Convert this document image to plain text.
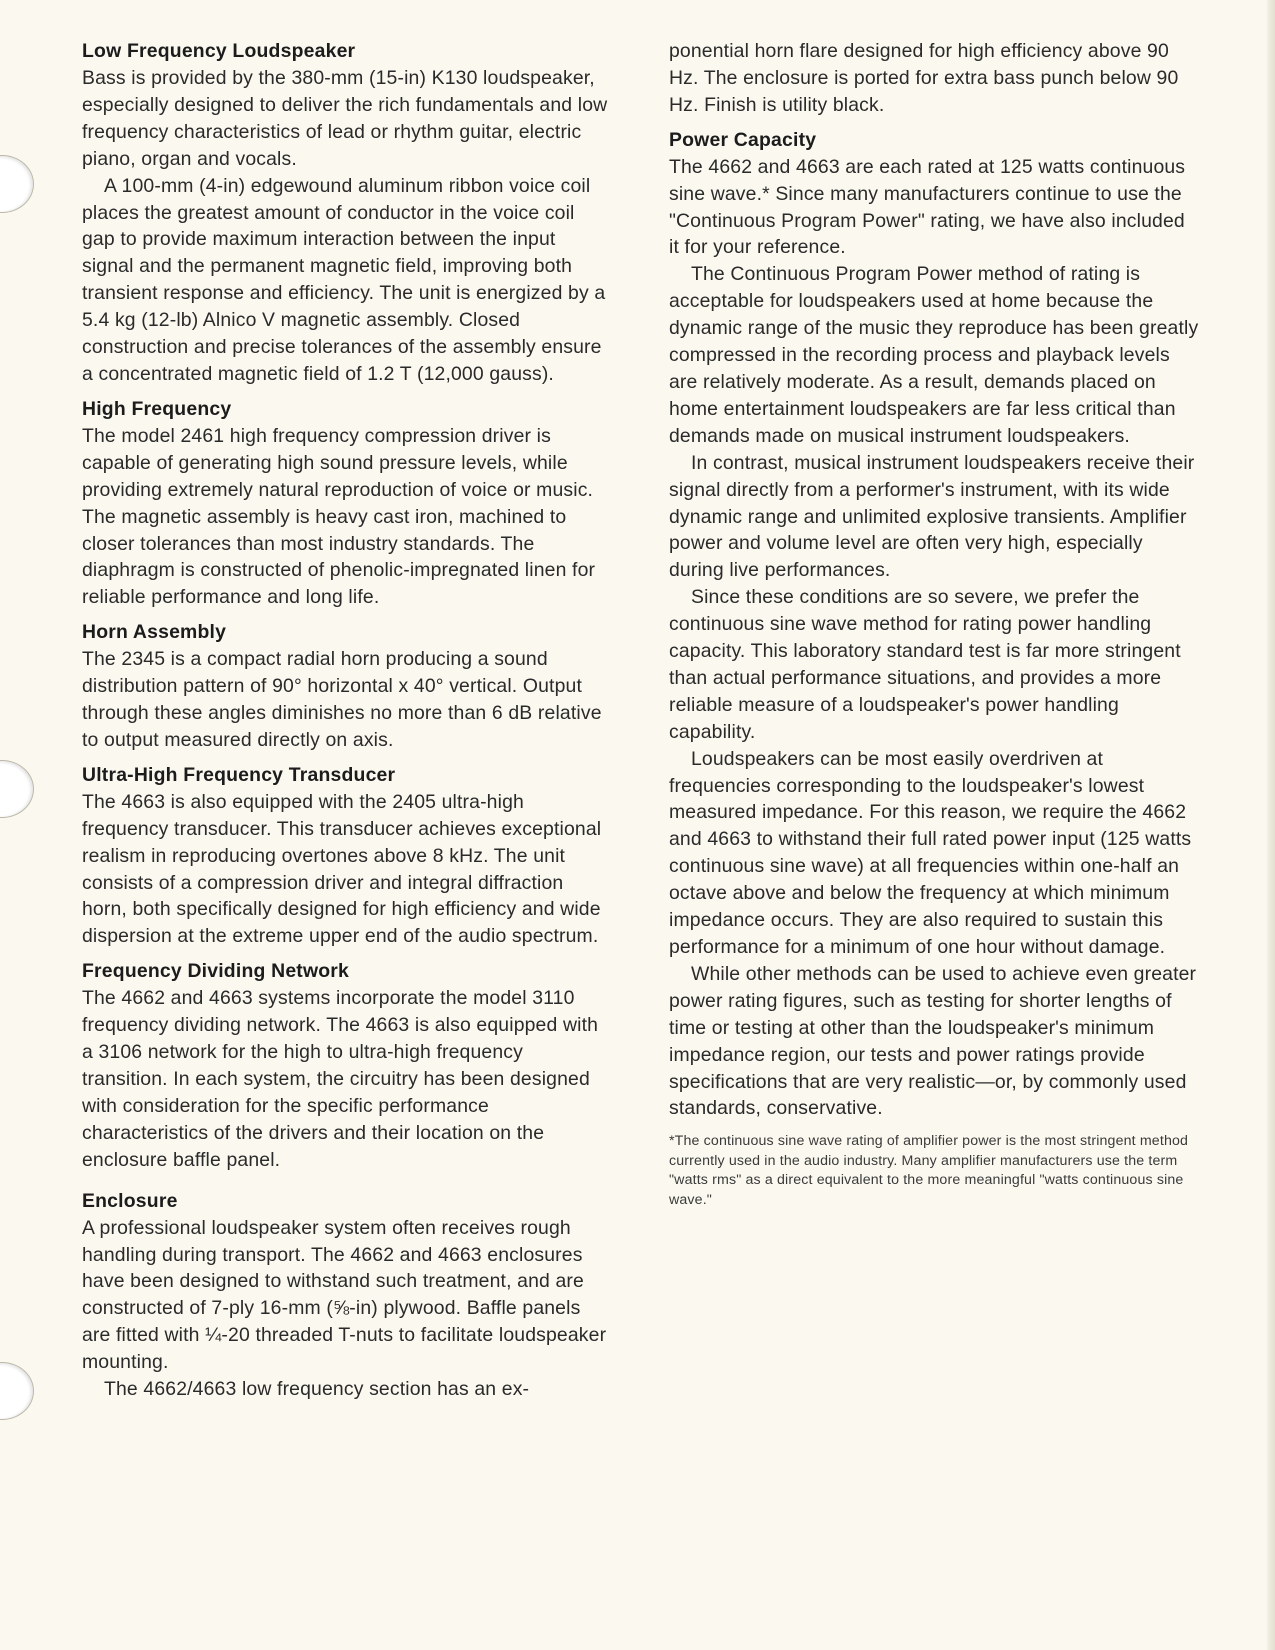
Low Frequency Loudspeaker

Bass is provided by the 380-mm (15-in) K130 loudspeaker, especially designed to deliver the rich fundamentals and low frequency characteristics of lead or rhythm guitar, electric piano, organ and vocals.

A 100-mm (4-in) edgewound aluminum ribbon voice coil places the greatest amount of conductor in the voice coil gap to provide maximum interaction between the input signal and the permanent magnetic field, improving both transient response and efficiency. The unit is energized by a 5.4 kg (12-lb) Alnico V magnetic assembly. Closed construction and precise tolerances of the assembly ensure a concentrated magnetic field of 1.2 T (12,000 gauss).

High Frequency

The model 2461 high frequency compression driver is capable of generating high sound pressure levels, while providing extremely natural reproduction of voice or music. The magnetic assembly is heavy cast iron, machined to closer tolerances than most industry standards. The diaphragm is constructed of phenolic-impregnated linen for reliable performance and long life.

Horn Assembly

The 2345 is a compact radial horn producing a sound distribution pattern of 90° horizontal x 40° vertical. Output through these angles diminishes no more than 6 dB relative to output measured directly on axis.

Ultra-High Frequency Transducer

The 4663 is also equipped with the 2405 ultra-high frequency transducer. This transducer achieves exceptional realism in reproducing overtones above 8 kHz. The unit consists of a compression driver and integral diffraction horn, both specifically designed for high efficiency and wide dispersion at the extreme upper end of the audio spectrum.

Frequency Dividing Network

The 4662 and 4663 systems incorporate the model 3110 frequency dividing network. The 4663 is also equipped with a 3106 network for the high to ultra-high frequency transition. In each system, the circuitry has been designed with consideration for the specific performance characteristics of the drivers and their location on the enclosure baffle panel.

Enclosure

A professional loudspeaker system often receives rough handling during transport. The 4662 and 4663 enclosures have been designed to withstand such treatment, and are constructed of 7-ply 16-mm (⅝-in) plywood. Baffle panels are fitted with ¼-20 threaded T-nuts to facilitate loudspeaker mounting.

The 4662/4663 low frequency section has an ex-

ponential horn flare designed for high efficiency above 90 Hz. The enclosure is ported for extra bass punch below 90 Hz. Finish is utility black.

Power Capacity

The 4662 and 4663 are each rated at 125 watts continuous sine wave.* Since many manufacturers continue to use the "Continuous Program Power" rating, we have also included it for your reference.

The Continuous Program Power method of rating is acceptable for loudspeakers used at home because the dynamic range of the music they reproduce has been greatly compressed in the recording process and playback levels are relatively moderate. As a result, demands placed on home entertainment loudspeakers are far less critical than demands made on musical instrument loudspeakers.

In contrast, musical instrument loudspeakers receive their signal directly from a performer's instrument, with its wide dynamic range and unlimited explosive transients. Amplifier power and volume level are often very high, especially during live performances.

Since these conditions are so severe, we prefer the continuous sine wave method for rating power handling capacity. This laboratory standard test is far more stringent than actual performance situations, and provides a more reliable measure of a loudspeaker's power handling capability.

Loudspeakers can be most easily overdriven at frequencies corresponding to the loudspeaker's lowest measured impedance. For this reason, we require the 4662 and 4663 to withstand their full rated power input (125 watts continuous sine wave) at all frequencies within one-half an octave above and below the frequency at which minimum impedance occurs. They are also required to sustain this performance for a minimum of one hour without damage.

While other methods can be used to achieve even greater power rating figures, such as testing for shorter lengths of time or testing at other than the loudspeaker's minimum impedance region, our tests and power ratings provide specifications that are very realistic—or, by commonly used standards, conservative.

*The continuous sine wave rating of amplifier power is the most stringent method currently used in the audio industry. Many amplifier manufacturers use the term "watts rms" as a direct equivalent to the more meaningful "watts continuous sine wave."
